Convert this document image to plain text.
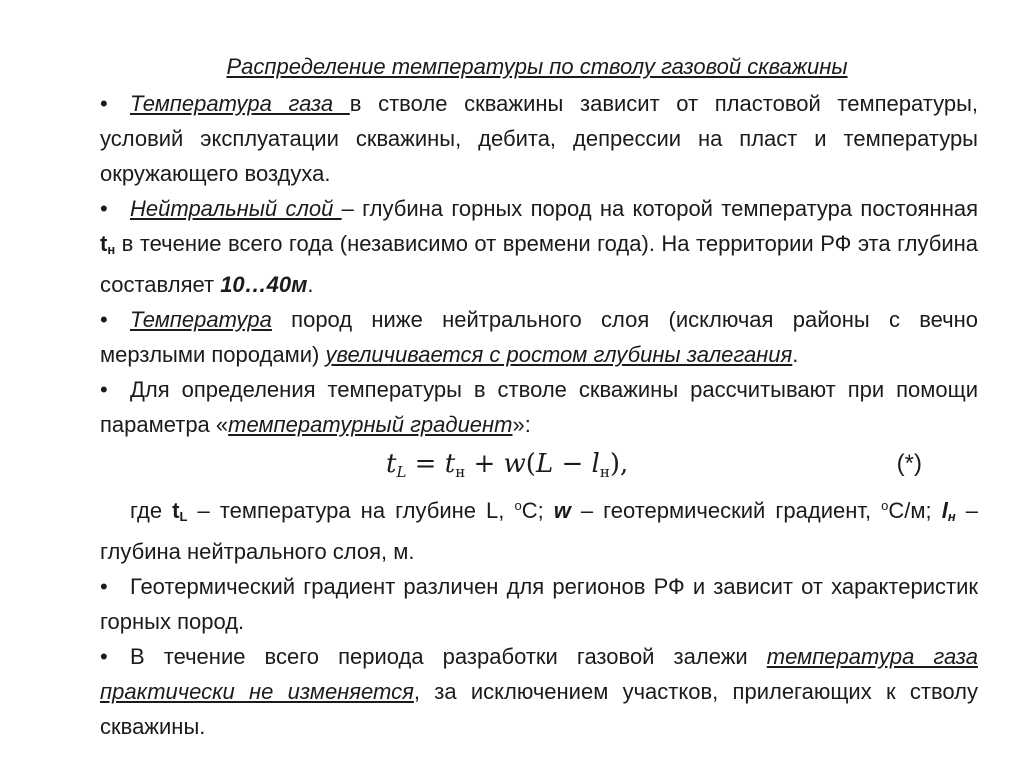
Распределение температуры по стволу газовой скважины

• Температура газа в стволе скважины зависит от пластовой температуры, условий эксплуатации скважины, дебита, депрессии на пласт и температуры окружающего воздуха.

• Нейтральный слой – глубина горных пород на которой температура постоянная $t_н$ в течение всего года (независимо от времени года). На территории РФ эта глубина составляет 10…40м.

• Температура пород ниже нейтрального слоя (исключая районы с вечно мерзлыми породами) увеличивается с ростом глубины залегания.

• Для определения температуры в стволе скважины рассчитывают при помощи параметра «температурный градиент»:

$t_L = t_н + w(L - l_н)$,	(*)

где $t_L$ – температура на глубине L, $^o$С; w – геотермический градиент, $^o$С/м; $l_н$ – глубина нейтрального слоя, м.

• Геотермический градиент различен для регионов РФ и зависит от характеристик горных пород.

• В течение всего периода разработки газовой залежи температура газа практически не изменяется, за исключением участков, прилегающих к стволу скважины.
